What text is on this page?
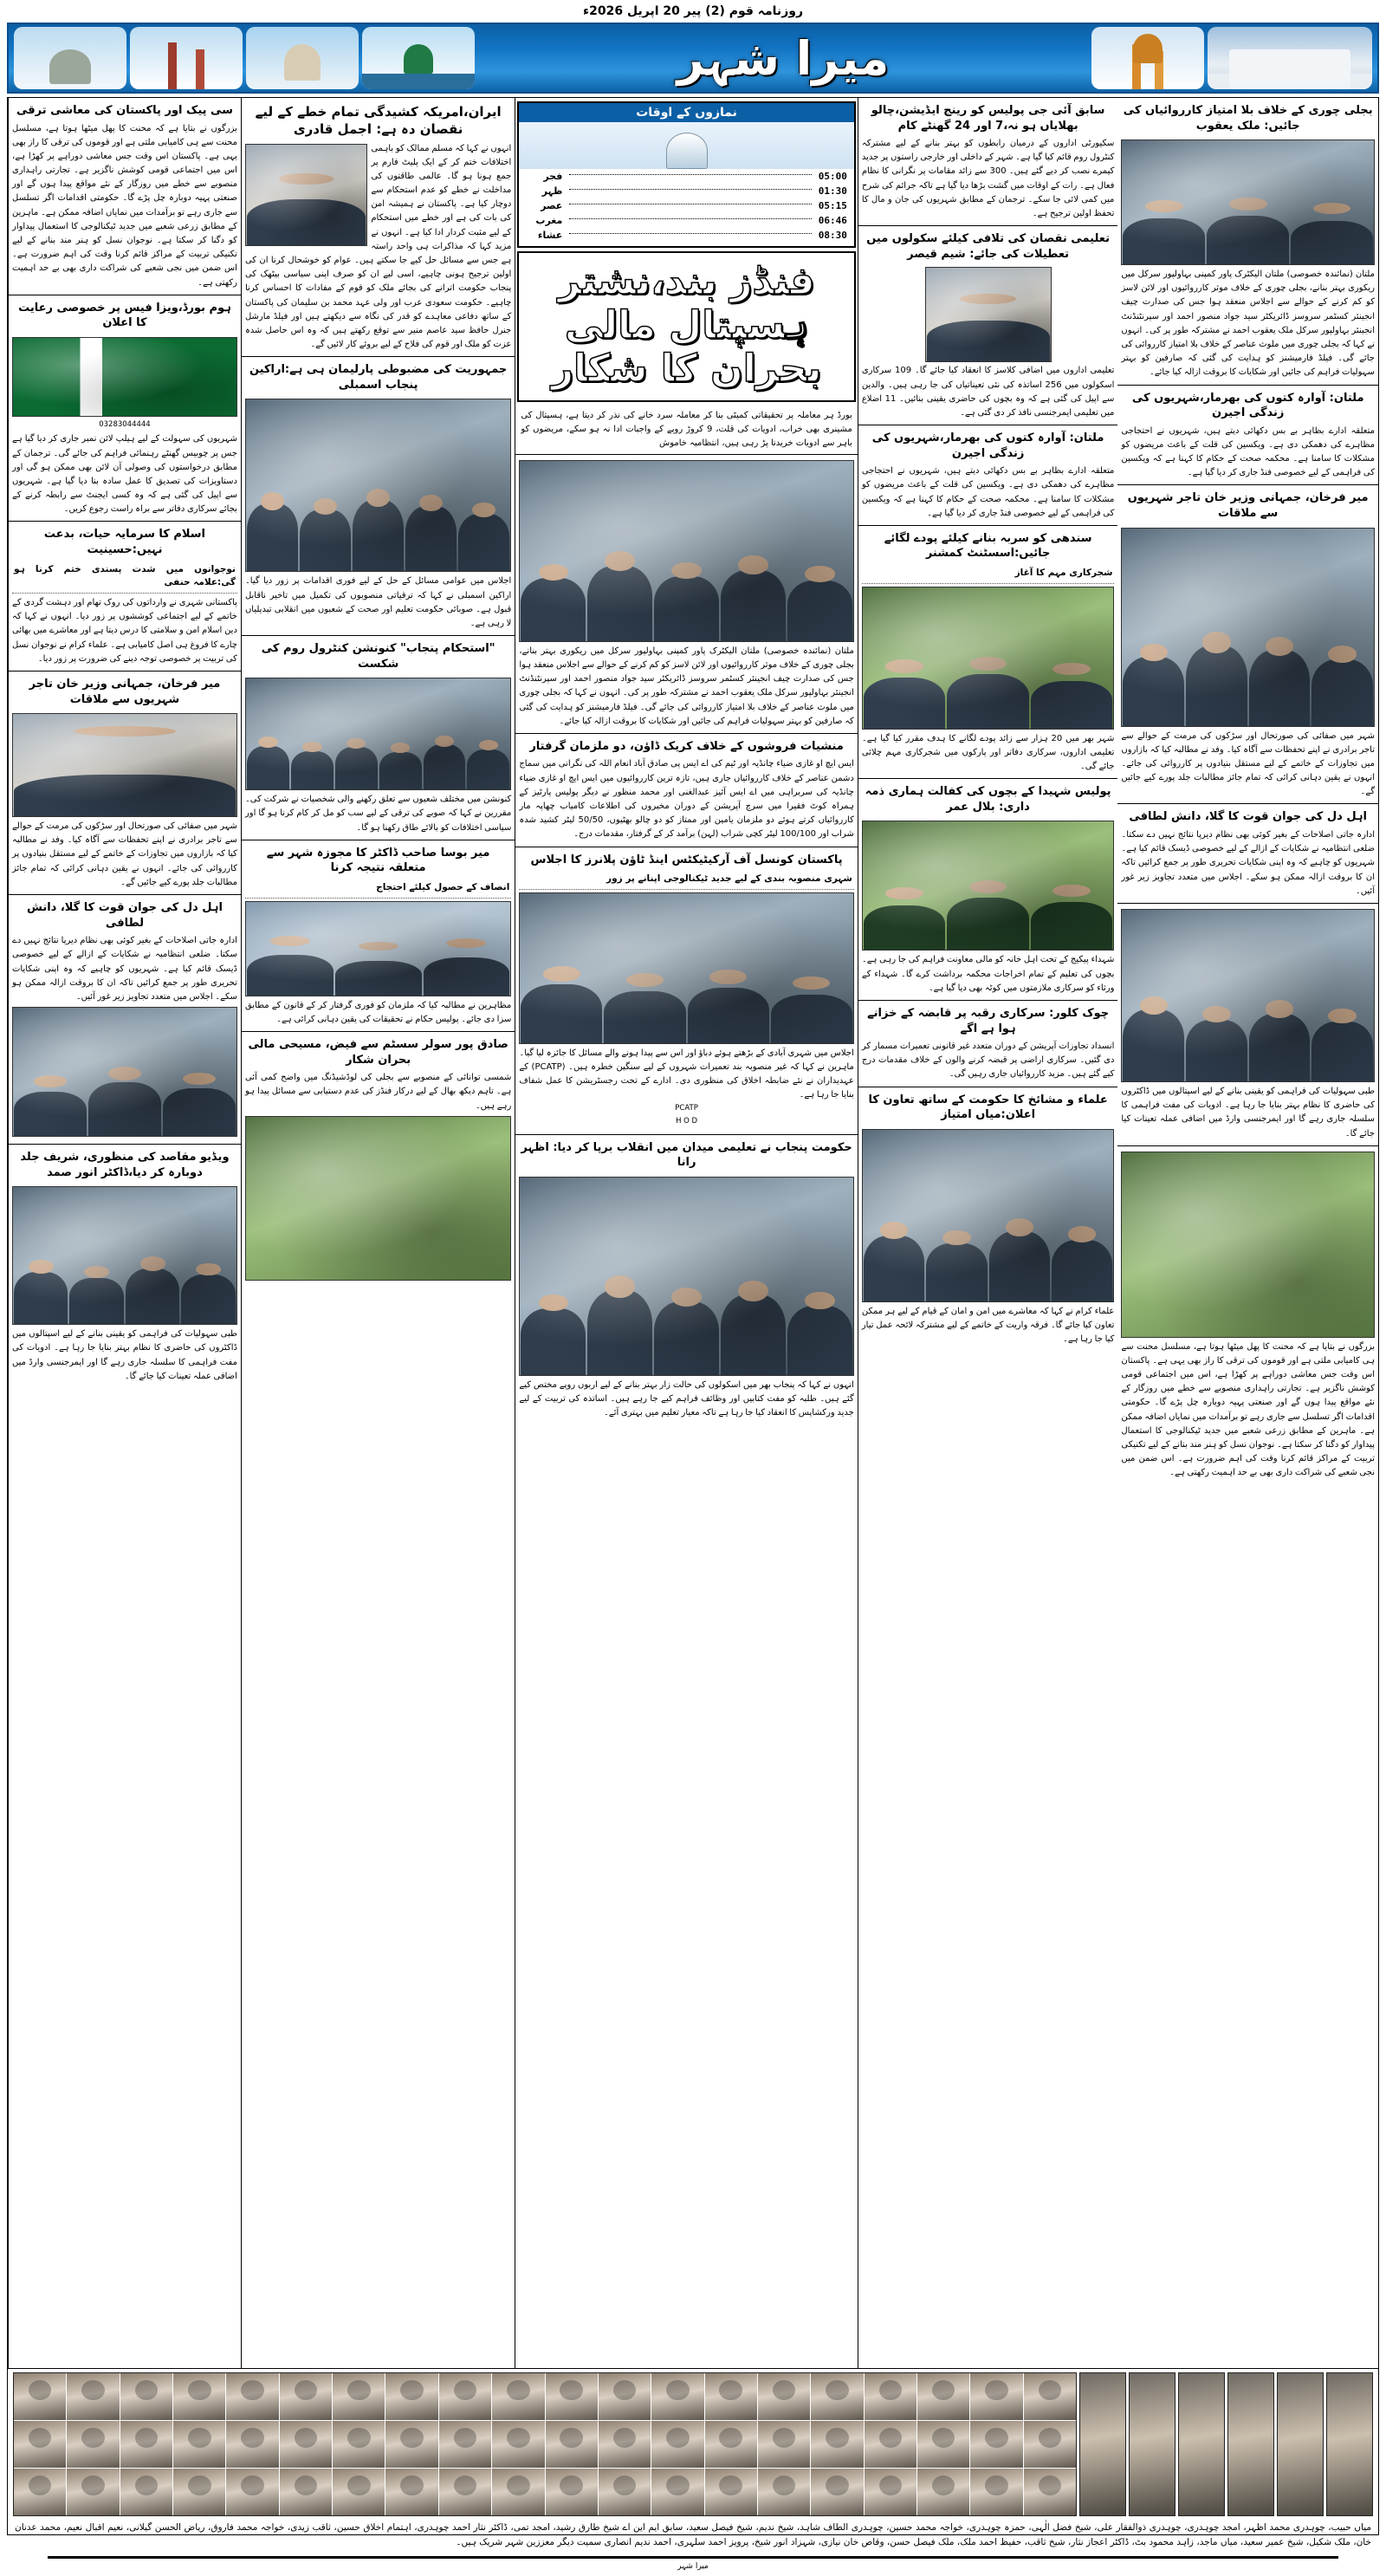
روزنامہ قوم (2) پیر 20 اپریل 2026ء
میرا شہر
سی پیک اور پاکستان کی معاشی ترقی

بزرگوں نے بتایا ہے کہ محنت کا پھل میٹھا ہوتا ہے، مسلسل محنت سے ہی کامیابی ملتی ہے اور قوموں کی ترقی کا راز بھی یہی ہے۔ پاکستان اس وقت جس معاشی دوراہے پر کھڑا ہے، اس میں اجتماعی قومی کوشش ناگزیر ہے۔ تجارتی راہداری منصوبے سے خطے میں روزگار کے نئے مواقع پیدا ہوں گے اور صنعتی پہیہ دوبارہ چل پڑے گا۔ حکومتی اقدامات اگر تسلسل سے جاری رہے تو برآمدات میں نمایاں اضافہ ممکن ہے۔ ماہرین کے مطابق زرعی شعبے میں جدید ٹیکنالوجی کا استعمال پیداوار کو دگنا کر سکتا ہے۔ نوجوان نسل کو ہنر مند بنانے کے لیے تکنیکی تربیت کے مراکز قائم کرنا وقت کی اہم ضرورت ہے۔ اس ضمن میں نجی شعبے کی شراکت داری بھی بے حد اہمیت رکھتی ہے۔

ہوم بورڈ،ویزا فیس پر خصوصی رعایت کا اعلان
03283044444

شہریوں کی سہولت کے لیے ہیلپ لائن نمبر جاری کر دیا گیا ہے جس پر چوبیس گھنٹے رہنمائی فراہم کی جائے گی۔ ترجمان کے مطابق درخواستوں کی وصولی آن لائن بھی ممکن ہو گی اور دستاویزات کی تصدیق کا عمل سادہ بنا دیا گیا ہے۔ شہریوں سے اپیل کی گئی ہے کہ وہ کسی ایجنٹ سے رابطہ کرنے کے بجائے سرکاری دفاتر سے براہ راست رجوع کریں۔

اسلام کا سرمایہ حیات، بدعت نہیں:حسینیت
نوجوانوں میں شدت پسندی ختم کرنا ہو گی:علامہ حنفی

پاکستانی شہری نے وارداتوں کی روک تھام اور دہشت گردی کے خاتمے کے لیے اجتماعی کوششوں پر زور دیا۔ انہوں نے کہا کہ دین اسلام امن و سلامتی کا درس دیتا ہے اور معاشرے میں بھائی چارے کا فروغ ہی اصل کامیابی ہے۔ علماء کرام نے نوجوان نسل کی تربیت پر خصوصی توجہ دینے کی ضرورت پر زور دیا۔

میر فرخان، جمہانی وزیر خان تاجر شہریوں سے ملاقات

شہر میں صفائی کی صورتحال اور سڑکوں کی مرمت کے حوالے سے تاجر برادری نے اپنے تحفظات سے آگاہ کیا۔ وفد نے مطالبہ کیا کہ بازاروں میں تجاوزات کے خاتمے کے لیے مستقل بنیادوں پر کارروائی کی جائے۔ انہوں نے یقین دہانی کرائی کہ تمام جائز مطالبات جلد پورے کیے جائیں گے۔

اہل دل کی جوان قوت کا گلا، دانش لطافی

ادارہ جاتی اصلاحات کے بغیر کوئی بھی نظام دیرپا نتائج نہیں دے سکتا۔ ضلعی انتظامیہ نے شکایات کے ازالے کے لیے خصوصی ڈیسک قائم کیا ہے۔ شہریوں کو چاہیے کہ وہ اپنی شکایات تحریری طور پر جمع کرائیں تاکہ ان کا بروقت ازالہ ممکن ہو سکے۔ اجلاس میں متعدد تجاویز زیر غور آئیں۔

ویڈیو مقاصد کی منظوری، شریف جلد دوبارہ کر دیا،ڈاکٹر انور صمد

طبی سہولیات کی فراہمی کو یقینی بنانے کے لیے اسپتالوں میں ڈاکٹروں کی حاضری کا نظام بہتر بنایا جا رہا ہے۔ ادویات کی مفت فراہمی کا سلسلہ جاری رہے گا اور ایمرجنسی وارڈ میں اضافی عملہ تعینات کیا جائے گا۔

ایران،امریکہ کشیدگی تمام خطے کے لیے نقصان دہ ہے: اجمل قادری

انہوں نے کہا کہ مسلم ممالک کو باہمی اختلافات ختم کر کے ایک پلیٹ فارم پر جمع ہونا ہو گا۔ عالمی طاقتوں کی مداخلت نے خطے کو عدم استحکام سے دوچار کیا ہے۔ پاکستان نے ہمیشہ امن کی بات کی ہے اور خطے میں استحکام کے لیے مثبت کردار ادا کیا ہے۔ انہوں نے مزید کہا کہ مذاکرات ہی واحد راستہ ہے جس سے مسائل حل کیے جا سکتے ہیں۔ عوام کو خوشحال کرنا ان کی اولین ترجیح ہونی چاہیے، اسی لیے ان کو صرف اپنی سیاسی بیٹھک کی پنجاب حکومت اترانے کی بجائے ملک کو قوم کے مفادات کا احساس کرنا چاہیے۔ حکومت سعودی عرب اور ولی عہد محمد بن سلیمان کی پاکستان کے ساتھ دفاعی معاہدے کو قدر کی نگاہ سے دیکھتے ہیں اور فیلڈ مارشل جنرل حافظ سید عاصم منیر سے توقع رکھتے ہیں کہ وہ اس حاصل شدہ عزت کو ملک اور قوم کی فلاح کے لیے بروئے کار لائیں گے۔

جمہوریت کی مضبوطی پارلیمان ہی ہے:اراکین پنجاب اسمبلی

اجلاس میں عوامی مسائل کے حل کے لیے فوری اقدامات پر زور دیا گیا۔ اراکین اسمبلی نے کہا کہ ترقیاتی منصوبوں کی تکمیل میں تاخیر ناقابل قبول ہے۔ صوبائی حکومت تعلیم اور صحت کے شعبوں میں انقلابی تبدیلیاں لا رہی ہے۔

"استحکام پنجاب" کنونشن کنٹرول روم کی شکست

کنونشن میں مختلف شعبوں سے تعلق رکھنے والی شخصیات نے شرکت کی۔ مقررین نے کہا کہ صوبے کی ترقی کے لیے سب کو مل کر کام کرنا ہو گا اور سیاسی اختلافات کو بالائے طاق رکھنا ہو گا۔

میر بوسا صاحب ڈاکٹر کا مجوزہ شہر سے متعلقہ نتیجہ کرنا
انصاف کے حصول کیلئے احتجاج

مظاہرین نے مطالبہ کیا کہ ملزمان کو فوری گرفتار کر کے قانون کے مطابق سزا دی جائے۔ پولیس حکام نے تحقیقات کی یقین دہانی کرائی ہے۔

صادق پور سولر سسٹم سے فیض، مسیحی مالی بحران شکار

شمسی توانائی کے منصوبے سے بجلی کی لوڈشیڈنگ میں واضح کمی آئی ہے۔ تاہم دیکھ بھال کے لیے درکار فنڈز کی عدم دستیابی سے مسائل پیدا ہو رہے ہیں۔

نمازوں کے اوقات
فجر	05:00
ظہر	01:30
عصر	05:15
مغرب	06:46
عشاء	08:30
فنڈز بند،نشتر ہسپتال مالی بحران کا شکار
بورڈ ہر معاملہ پر تحقیقاتی کمیٹی بنا کر معاملہ سرد خانے کی نذر کر دیتا ہے، ہسپتال کی مشینری بھی خراب، ادویات کی قلت، 9 کروڑ روپے کے واجبات ادا نہ ہو سکے، مریضوں کو باہر سے ادویات خریدنا پڑ رہی ہیں، انتظامیہ خاموش

ملتان (نمائندہ خصوصی) ملتان الیکٹرک پاور کمپنی بہاولپور سرکل میں ریکوری بہتر بنانے، بجلی چوری کے خلاف موثر کارروائیوں اور لائن لاسز کو کم کرنے کے حوالے سے اجلاس منعقد ہوا جس کی صدارت چیف انجینئر کسٹمر سروسز ڈائریکٹر سید جواد منصور احمد اور سپرنٹنڈنٹ انجینئر بہاولپور سرکل ملک یعقوب احمد نے مشترکہ طور پر کی۔ انہوں نے کہا کہ بجلی چوری میں ملوث عناصر کے خلاف بلا امتیاز کارروائی کی جائے گی۔ فیلڈ فارمیشنز کو ہدایت کی گئی کہ صارفین کو بہتر سہولیات فراہم کی جائیں اور شکایات کا بروقت ازالہ کیا جائے۔

منشیات فروشوں کے خلاف کریک ڈاؤن، دو ملزمان گرفتار

ایس ایچ او غازی ضیاء چانڈیہ اور ٹیم کی اے ایس پی صادق آباد انعام اللہ کی نگرانی میں سماج دشمن عناصر کے خلاف کارروائیاں جاری ہیں، تازہ ترین کارروائیوں میں ایس ایچ او غازی ضیاء چانڈیہ کی سربراہی میں اے ایس آئیز عبدالغنی اور محمد منظور نے دیگر پولیس پارٹیز کے ہمراہ کوٹ فقیرا میں سرچ آپریشن کے دوران مخبروں کی اطلاعات کامیاب چھاپہ مار کارروائیاں کرتے ہوئے دو ملزمان یامین اور ممتاز کو دو چالو بھٹیوں، 50/50 لیٹر کشید شدہ شراب اور 100/100 لیٹر کچی شراب (لہن) برآمد کر کے گرفتار، مقدمات درج۔

پاکستان کونسل آف آرکیٹیکٹس اینڈ ٹاؤن پلانرز کا اجلاس
شہری منصوبہ بندی کے لیے جدید ٹیکنالوجی اپنانے پر زور

اجلاس میں شہری آبادی کے بڑھتے ہوئے دباؤ اور اس سے پیدا ہونے والے مسائل کا جائزہ لیا گیا۔ ماہرین نے کہا کہ غیر منصوبہ بند تعمیرات شہروں کے لیے سنگین خطرہ ہیں۔ (PCATP) کے عہدیداران نے نئے ضابطہ اخلاق کی منظوری دی۔ ادارے کے تحت رجسٹریشن کا عمل شفاف بنایا جا رہا ہے۔

PCATP
H O D
حکومت پنجاب نے تعلیمی میدان میں انقلاب برپا کر دیا: اظہر رانا

انہوں نے کہا کہ پنجاب بھر میں اسکولوں کی حالت زار بہتر بنانے کے لیے اربوں روپے مختص کیے گئے ہیں۔ طلبہ کو مفت کتابیں اور وظائف فراہم کیے جا رہے ہیں۔ اساتذہ کی تربیت کے لیے جدید ورکشاپس کا انعقاد کیا جا رہا ہے تاکہ معیار تعلیم میں بہتری آئے۔

سابق آئی جی پولیس کو رینج ایڈیشن،چالو بھلایاں ہو نہ،7 اور 24 گھنٹے کام

سکیورٹی اداروں کے درمیان رابطوں کو بہتر بنانے کے لیے مشترکہ کنٹرول روم قائم کیا گیا ہے۔ شہر کے داخلی اور خارجی راستوں پر جدید کیمرے نصب کر دیے گئے ہیں۔ 300 سے زائد مقامات پر نگرانی کا نظام فعال ہے۔ رات کے اوقات میں گشت بڑھا دیا گیا ہے تاکہ جرائم کی شرح میں کمی لائی جا سکے۔ ترجمان کے مطابق شہریوں کی جان و مال کا تحفظ اولین ترجیح ہے۔

تعلیمی نقصان کی تلافی کیلئے سکولوں میں تعطیلات کی جائے: شیم قیصر

تعلیمی اداروں میں اضافی کلاسز کا انعقاد کیا جائے گا۔ 109 سرکاری اسکولوں میں 256 اساتذہ کی نئی تعیناتیاں کی جا رہی ہیں۔ والدین سے اپیل کی گئی ہے کہ وہ بچوں کی حاضری یقینی بنائیں۔ 11 اضلاع میں تعلیمی ایمرجنسی نافذ کر دی گئی ہے۔

ملتان: آوارہ کتوں کی بھرمار،شہریوں کی زندگی اجیرن

متعلقہ ادارے بظاہر بے بس دکھائی دیتے ہیں، شہریوں نے احتجاجی مظاہرے کی دھمکی دی ہے۔ ویکسین کی قلت کے باعث مریضوں کو مشکلات کا سامنا ہے۔ محکمہ صحت کے حکام کا کہنا ہے کہ ویکسین کی فراہمی کے لیے خصوصی فنڈ جاری کر دیا گیا ہے۔

سندھی کو سربہ بنانے کیلئے پودے لگائے جائیں:اسسٹنٹ کمشنر
شجرکاری مہم کا آغاز

شہر بھر میں 20 ہزار سے زائد پودے لگانے کا ہدف مقرر کیا گیا ہے۔ تعلیمی اداروں، سرکاری دفاتر اور پارکوں میں شجرکاری مہم چلائی جائے گی۔

پولیس شہیدا کے بچوں کی کفالت ہماری ذمہ داری: بلال عمر

شہداء پیکیج کے تحت اہل خانہ کو مالی معاونت فراہم کی جا رہی ہے۔ بچوں کی تعلیم کے تمام اخراجات محکمہ برداشت کرے گا۔ شہداء کے ورثاء کو سرکاری ملازمتوں میں کوٹہ بھی دیا گیا ہے۔

چوک کلور: سرکاری رقبہ پر قابضہ کے خزانے ہوا ہے اگے

انسداد تجاوزات آپریشن کے دوران متعدد غیر قانونی تعمیرات مسمار کر دی گئیں۔ سرکاری اراضی پر قبضہ کرنے والوں کے خلاف مقدمات درج کیے گئے ہیں۔ مزید کارروائیاں جاری رہیں گی۔

علماء و مشائخ کا حکومت کے ساتھ تعاون کا اعلان:میاں امتیاز

علماء کرام نے کہا کہ معاشرے میں امن و امان کے قیام کے لیے ہر ممکن تعاون کیا جائے گا۔ فرقہ واریت کے خاتمے کے لیے مشترکہ لائحہ عمل تیار کیا جا رہا ہے۔

بجلی چوری کے خلاف بلا امتیاز کارروائیاں کی جائیں: ملک یعقوب

ملتان (نمائندہ خصوصی) ملتان الیکٹرک پاور کمپنی بہاولپور سرکل میں ریکوری بہتر بنانے، بجلی چوری کے خلاف موثر کارروائیوں اور لائن لاسز کو کم کرنے کے حوالے سے اجلاس منعقد ہوا جس کی صدارت چیف انجینئر کسٹمر سروسز ڈائریکٹر سید جواد منصور احمد اور سپرنٹنڈنٹ انجینئر بہاولپور سرکل ملک یعقوب احمد نے مشترکہ طور پر کی۔ انہوں نے کہا کہ بجلی چوری میں ملوث عناصر کے خلاف بلا امتیاز کارروائی کی جائے گی۔ فیلڈ فارمیشنز کو ہدایت کی گئی کہ صارفین کو بہتر سہولیات فراہم کی جائیں اور شکایات کا بروقت ازالہ کیا جائے۔

ملتان: آوارہ کتوں کی بھرمار،شہریوں کی زندگی اجیرن

متعلقہ ادارے بظاہر بے بس دکھائی دیتے ہیں، شہریوں نے احتجاجی مظاہرے کی دھمکی دی ہے۔ ویکسین کی قلت کے باعث مریضوں کو مشکلات کا سامنا ہے۔ محکمہ صحت کے حکام کا کہنا ہے کہ ویکسین کی فراہمی کے لیے خصوصی فنڈ جاری کر دیا گیا ہے۔

میر فرخان، جمہانی وزیر خان تاجر شہریوں سے ملاقات

شہر میں صفائی کی صورتحال اور سڑکوں کی مرمت کے حوالے سے تاجر برادری نے اپنے تحفظات سے آگاہ کیا۔ وفد نے مطالبہ کیا کہ بازاروں میں تجاوزات کے خاتمے کے لیے مستقل بنیادوں پر کارروائی کی جائے۔ انہوں نے یقین دہانی کرائی کہ تمام جائز مطالبات جلد پورے کیے جائیں گے۔

اہل دل کی جوان قوت کا گلا، دانش لطافی

ادارہ جاتی اصلاحات کے بغیر کوئی بھی نظام دیرپا نتائج نہیں دے سکتا۔ ضلعی انتظامیہ نے شکایات کے ازالے کے لیے خصوصی ڈیسک قائم کیا ہے۔ شہریوں کو چاہیے کہ وہ اپنی شکایات تحریری طور پر جمع کرائیں تاکہ ان کا بروقت ازالہ ممکن ہو سکے۔ اجلاس میں متعدد تجاویز زیر غور آئیں۔

طبی سہولیات کی فراہمی کو یقینی بنانے کے لیے اسپتالوں میں ڈاکٹروں کی حاضری کا نظام بہتر بنایا جا رہا ہے۔ ادویات کی مفت فراہمی کا سلسلہ جاری رہے گا اور ایمرجنسی وارڈ میں اضافی عملہ تعینات کیا جائے گا۔

بزرگوں نے بتایا ہے کہ محنت کا پھل میٹھا ہوتا ہے، مسلسل محنت سے ہی کامیابی ملتی ہے اور قوموں کی ترقی کا راز بھی یہی ہے۔ پاکستان اس وقت جس معاشی دوراہے پر کھڑا ہے، اس میں اجتماعی قومی کوشش ناگزیر ہے۔ تجارتی راہداری منصوبے سے خطے میں روزگار کے نئے مواقع پیدا ہوں گے اور صنعتی پہیہ دوبارہ چل پڑے گا۔ حکومتی اقدامات اگر تسلسل سے جاری رہے تو برآمدات میں نمایاں اضافہ ممکن ہے۔ ماہرین کے مطابق زرعی شعبے میں جدید ٹیکنالوجی کا استعمال پیداوار کو دگنا کر سکتا ہے۔ نوجوان نسل کو ہنر مند بنانے کے لیے تکنیکی تربیت کے مراکز قائم کرنا وقت کی اہم ضرورت ہے۔ اس ضمن میں نجی شعبے کی شراکت داری بھی بے حد اہمیت رکھتی ہے۔

میاں حبیب، چوہدری محمد اظہر، امجد چوہدری، چوہدری ذوالفقار علی، شیخ فضل الٰہی، حمزہ چوہدری، خواجہ محمد حسین، چوہدری الطاف شاہد، شیخ ندیم، شیخ فیصل سعید، سابق ایم این اے شیخ طارق رشید، امجد تمی، ڈاکٹر نثار احمد چوہدری، اہتمام اخلاق حسین، ثاقب زیدی، خواجہ محمد فاروق، ریاض الحسن گیلانی، نعیم اقبال نعیم، محمد عدنان خان، ملک شکیل، شیخ عمیر سعید، میاں ماجد، زاہد محمود بٹ، ڈاکٹر اعجاز نثار، شیخ ثاقب، حفیظ احمد ملک، ملک فیصل حسن، وقاص خان نیازی، شہزاد انور شیخ، پرویز احمد سلہری، احمد ندیم انصاری سمیت دیگر معززین شہر شریک ہیں۔
میرا شہر
